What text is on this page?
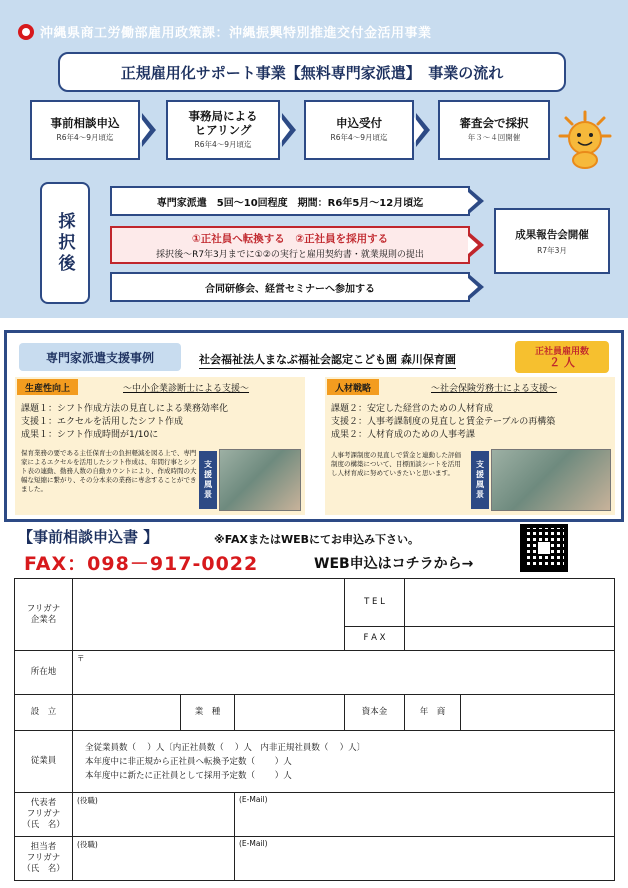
沖縄県商工労働部雇用政策課：沖縄振興特別推進交付金活用事業
正規雇用化サポート事業【無料専門家派遣】　事業の流れ
事前相談申込
R6年4～9月頃迄
事務局による
ヒアリング
R6年4～9月頃迄
申込受付
R6年4～9月頃迄
審査会で採択
年３～４回開催
採択後
専門家派遣　5回～10回程度　期間：R6年5月～12月頃迄
①正社員へ転換する　②正社員を採用する
採択後～R7年3月までに①②の実行と雇用契約書・就業規則の提出
合同研修会、経営セミナーへ参加する
成果報告会開催
R7年3月
専門家派遣支援事例	社会福祉法人まなぶ福祉会認定こども園 森川保育園
正社員雇用数
２ 人
生産性向上	～中小企業診断士による支援～
課題１：シフト作成方法の見直しによる業務効率化
支援１：エクセルを活用したシフト作成
成果１：シフト作成時間が1/10に
保育業務の要である主任保育士の負担軽減を図る上で、専門家によるエクセルを活用したシフト作成は、年間行事とシフト表の連動、勤務人数の自動カウントにより、作成時間の大幅な短縮に繋がり、その分本来の業務に専念することができました。	支援風景
人材戦略	～社会保険労務士による支援～
課題２：安定した経営のための人材育成
支援２：人事考課制度の見直しと賃金テーブルの再構築
成果２：人材育成のための人事考課
人事考課制度の見直しで賃金と連動した評価制度の構築について、目標面談シートを活用し人材育成に努めていきたいと思います。	支援風景
【事前相談申込書 】	※FAXまたはWEBにてお申込み下さい。
FAX：098－917-0022	WEB申込はコチラから→
フリガナ
企業名				T E L		
				F A X		
所在地	〒					
設　立		業　種		資本金	年　商	
従業員	全従業員数（　 ）人〔内正社員数（　 ）人　内非正規社員数（　 ）人〕
本年度中に非正規から正社員へ転換予定数（　 　）人
本年度中に新たに正社員として採用予定数（　 　）人					

代表者
フリガナ
（氏　名）	(役職)		(E-Mail)			
担当者
フリガナ
（氏　名）	(役職)		(E-Mail)			
